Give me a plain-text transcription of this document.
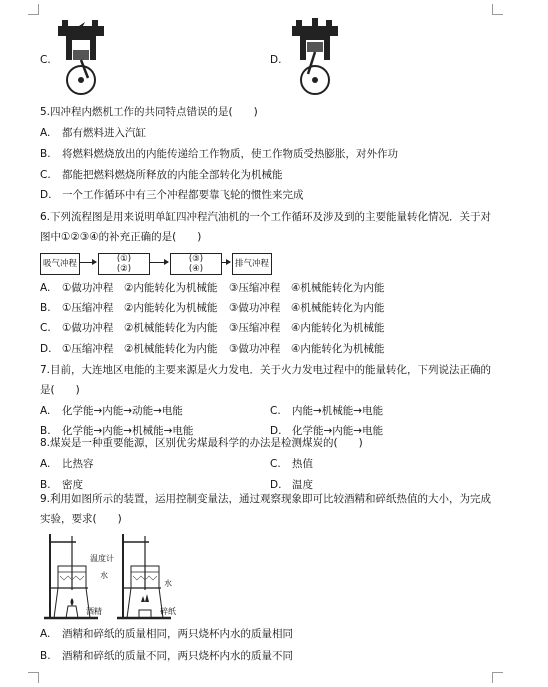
C.	D.
5.四冲程内燃机工作的共同特点错误的是(　　)
A. 都有燃料进入汽缸
B. 将燃料燃烧放出的内能传递给工作物质，使工作物质受热膨胀，对外作功
C. 都能把燃料燃烧所释放的内能全部转化为机械能
D. 一个工作循环中有三个冲程都要靠飞轮的惯性来完成
6.下列流程图是用来说明单缸四冲程汽油机的一个工作循环及涉及到的主要能量转化情况．关于对
图中①②③④的补充正确的是(　　)
吸气冲程	(①)
(②)
(③)
(④)	排气冲程
A. ①做功冲程 ②内能转化为机械能 ③压缩冲程 ④机械能转化为内能
B. ①压缩冲程 ②内能转化为机械能 ③做功冲程 ④机械能转化为内能
C. ①做功冲程 ②机械能转化为内能 ③压缩冲程 ④内能转化为机械能
D. ①压缩冲程 ②机械能转化为内能 ③做功冲程 ④内能转化为机械能
7.目前，大连地区电能的主要来源是火力发电．关于火力发电过程中的能量转化，下列说法正确的
是(　　)
A. 化学能→内能→动能→电能	C. 内能→机械能→电能
B. 化学能→内能→机械能→电能	D. 化学能→内能→电能
8.煤炭是一种重要能源，区别优劣煤最科学的办法是检测煤炭的(　　)
A. 比热容	C. 热值
B. 密度	D. 温度
9.利用如图所示的装置，运用控制变量法，通过观察现象即可比较酒精和碎纸热值的大小，为完成
实验，要求(　　)
温度计
水
酒精
水
碎纸
A. 酒精和碎纸的质量相同，两只烧杯内水的质量相同
B. 酒精和碎纸的质量不同，两只烧杯内水的质量不同
